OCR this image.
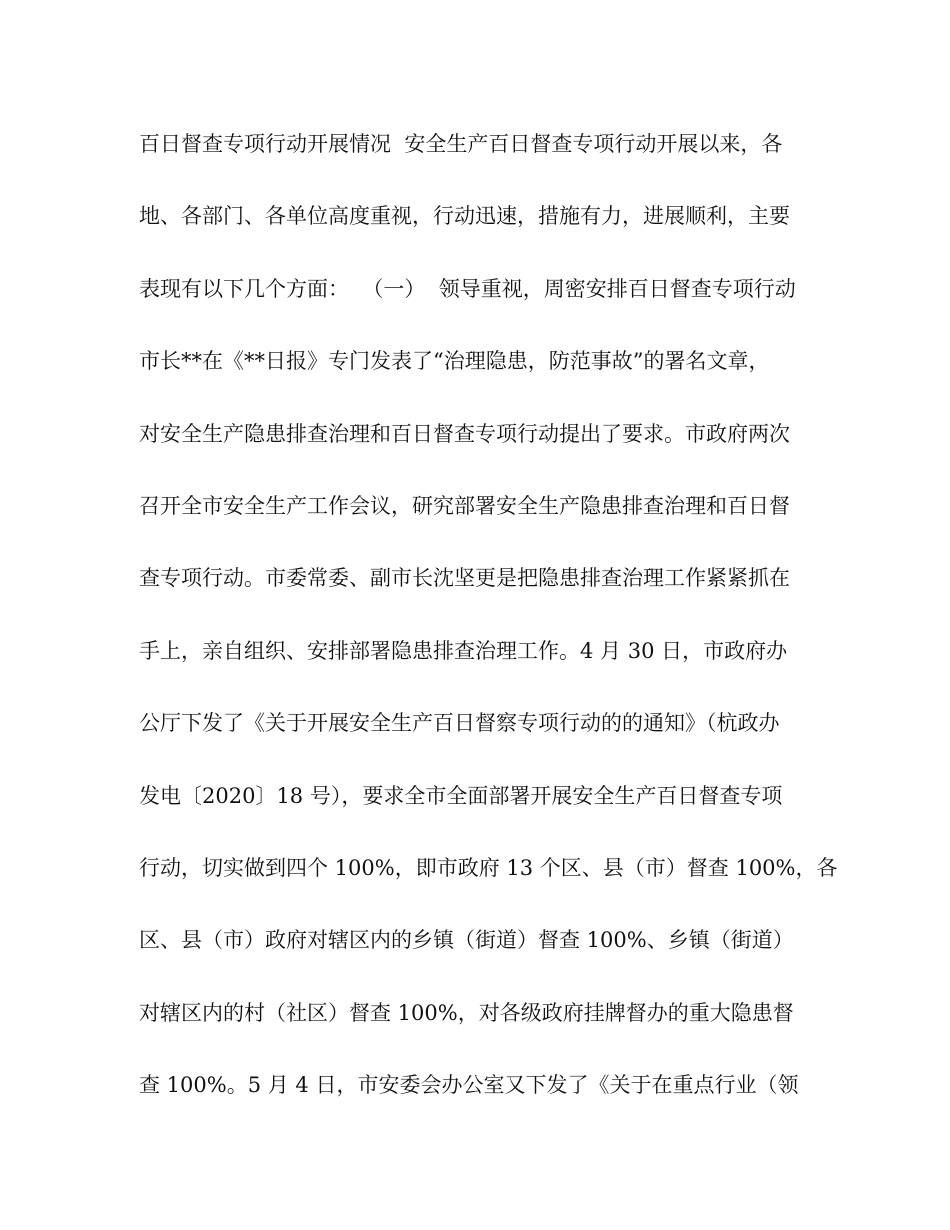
百日督查专项行动开展情况  安全生产百日督查专项行动开展以来，各
地、各部门、各单位高度重视，行动迅速，措施有力，进展顺利，主要
表现有以下几个方面：  （一）  领导重视，周密安排百日督查专项行动
市长**在《**日报》专门发表了“治理隐患，防范事故”的署名文章，
对安全生产隐患排查治理和百日督查专项行动提出了要求。市政府两次
召开全市安全生产工作会议，研究部署安全生产隐患排查治理和百日督
查专项行动。市委常委、副市长沈坚更是把隐患排查治理工作紧紧抓在
手上，亲自组织、安排部署隐患排查治理工作。4 月 30 日，市政府办
公厅下发了《关于开展安全生产百日督察专项行动的的通知》（杭政办
发电〔2020〕18 号），要求全市全面部署开展安全生产百日督查专项
行动，切实做到四个 100%，即市政府 13 个区、县（市）督查 100%，各
区、县（市）政府对辖区内的乡镇（街道）督查 100%、乡镇（街道）
对辖区内的村（社区）督查 100%，对各级政府挂牌督办的重大隐患督
查 100%。5 月 4 日，市安委会办公室又下发了《关于在重点行业（领
